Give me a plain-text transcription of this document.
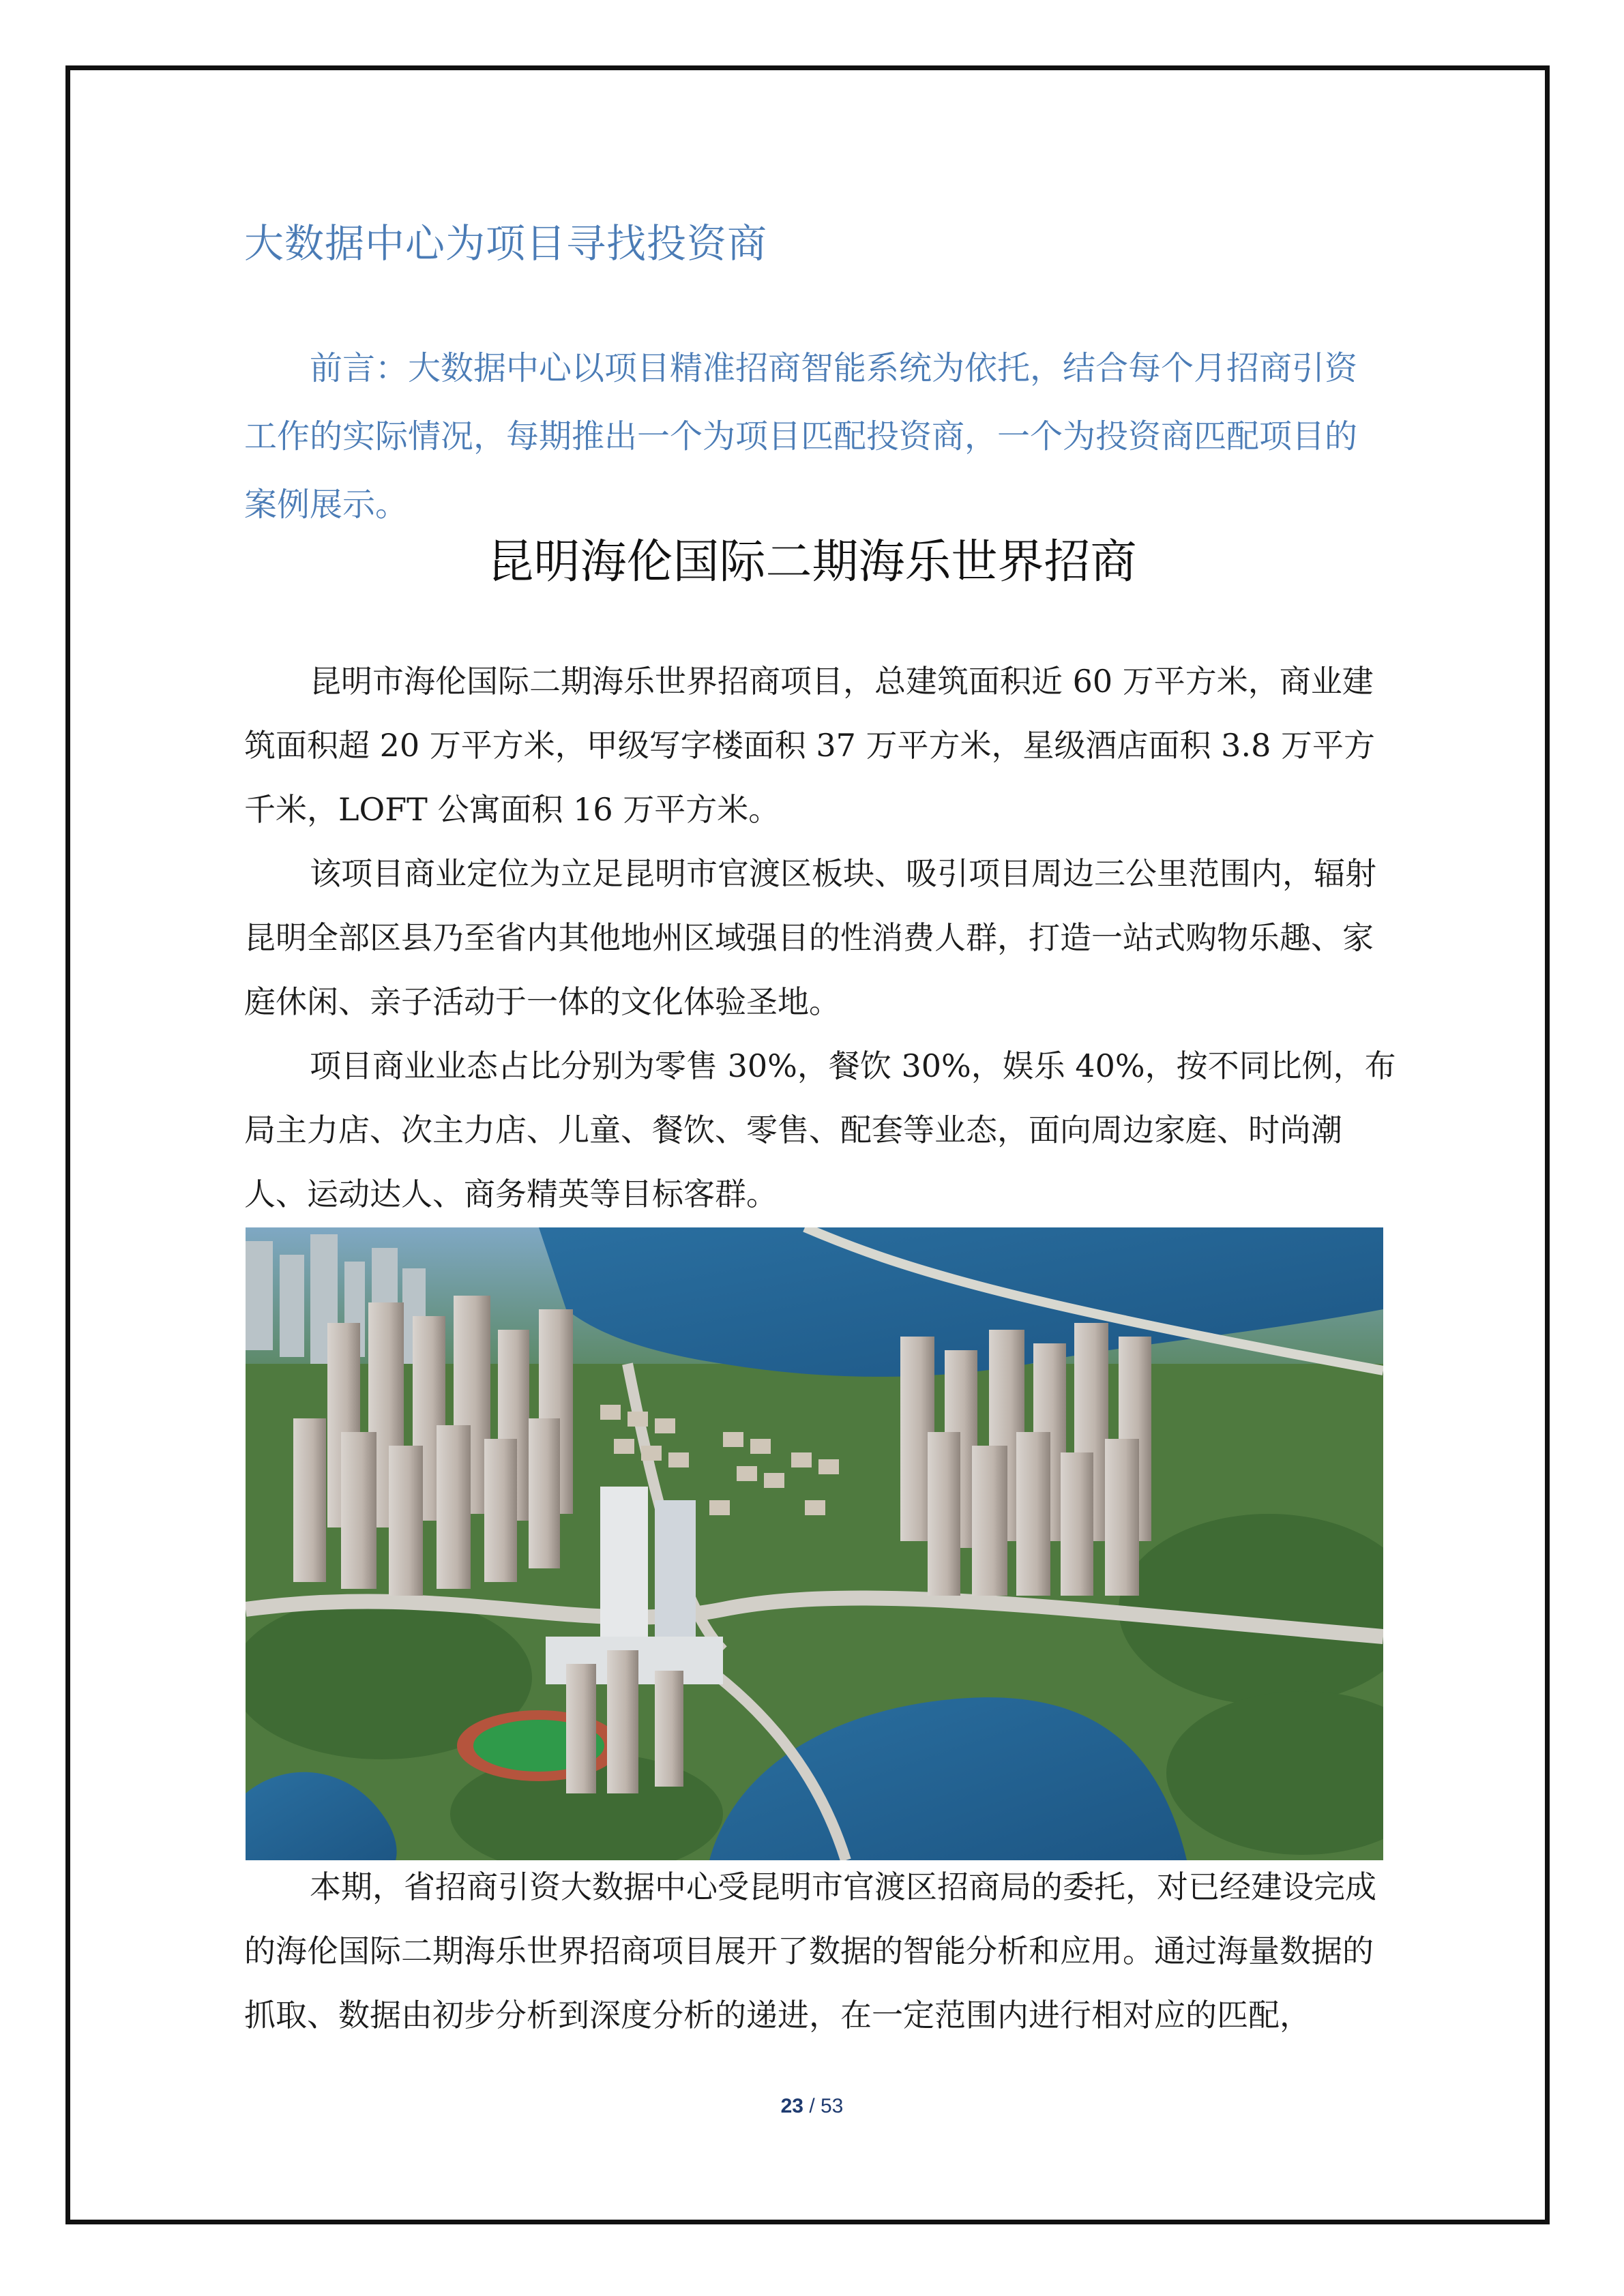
大数据中心为项目寻找投资商

前言：大数据中心以项目精准招商智能系统为依托，结合每个月招商引资工作的实际情况，每期推出一个为项目匹配投资商，一个为投资商匹配项目的案例展示。

昆明海伦国际二期海乐世界招商

昆明市海伦国际二期海乐世界招商项目，总建筑面积近 60 万平方米，商业建筑面积超 20 万平方米，甲级写字楼面积 37 万平方米，星级酒店面积 3.8 万平方千米，LOFT 公寓面积 16 万平方米。

该项目商业定位为立足昆明市官渡区板块、吸引项目周边三公里范围内，辐射昆明全部区县乃至省内其他地州区域强目的性消费人群，打造一站式购物乐趣、家庭休闲、亲子活动于一体的文化体验圣地。

项目商业业态占比分别为零售 30%，餐饮 30%，娱乐 40%，按不同比例，布局主力店、次主力店、儿童、餐饮、零售、配套等业态，面向周边家庭、时尚潮人、运动达人、商务精英等目标客群。

本期，省招商引资大数据中心受昆明市官渡区招商局的委托，对已经建设完成的海伦国际二期海乐世界招商项目展开了数据的智能分析和应用。通过海量数据的抓取、数据由初步分析到深度分析的递进，在一定范围内进行相对应的匹配，

23 / 53
